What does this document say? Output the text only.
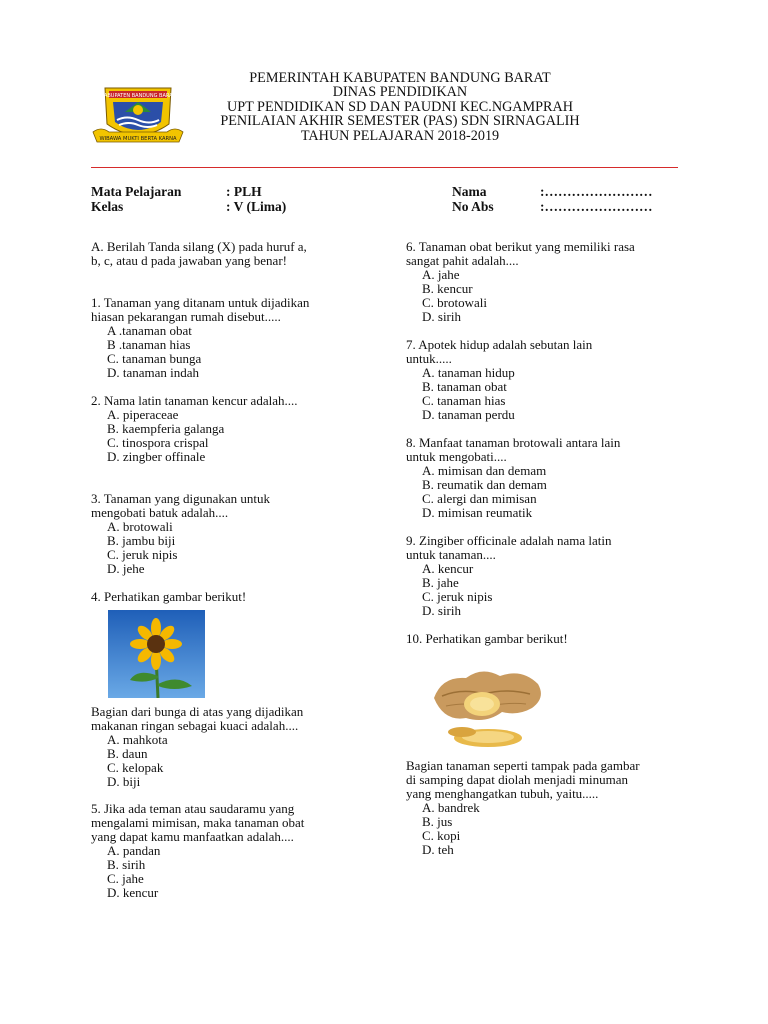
KABUPATEN BANDUNG BARAT
WIBAWA MUKTI BERTA KARNA
PEMERINTAH KABUPATEN BANDUNG BARAT
DINAS PENDIDIKAN
UPT PENDIDIKAN SD DAN PAUDNI KEC.NGAMPRAH
PENILAIAN AKHIR SEMESTER (PAS) SDN SIRNAGALIH
TAHUN PELAJARAN 2018-2019
Mata Pelajaran	: PLH
Kelas	: V (Lima)
Nama	:……………………
No Abs	:……………………
A. Berilah Tanda silang (X) pada huruf a,
b, c, atau d pada jawaban yang benar!
1. Tanaman yang ditanam untuk dijadikan
hiasan pekarangan rumah disebut.....
A .tanaman obat
B .tanaman hias
C. tanaman bunga
D. tanaman indah
2. Nama latin tanaman kencur adalah....
A. piperaceae
B. kaempferia galanga
C. tinospora crispal
D. zingber offinale
3. Tanaman yang digunakan untuk
mengobati batuk adalah....
A. brotowali
B. jambu biji
C. jeruk nipis
D. jehe
4. Perhatikan gambar berikut!
Bagian dari bunga di atas yang dijadikan
makanan ringan sebagai kuaci adalah....
A. mahkota
B. daun
C. kelopak
D. biji
5. Jika ada teman atau saudaramu yang
mengalami mimisan, maka tanaman obat
yang dapat kamu manfaatkan adalah....
A. pandan
B. sirih
C. jahe
D. kencur
6. Tanaman obat berikut yang memiliki rasa
sangat pahit adalah....
A. jahe
B. kencur
C. brotowali
D. sirih
7. Apotek hidup adalah sebutan lain
untuk.....
A. tanaman hidup
B. tanaman obat
C. tanaman hias
D. tanaman perdu
8. Manfaat tanaman brotowali antara lain
untuk mengobati....
A. mimisan dan demam
B. reumatik dan demam
C. alergi dan mimisan
D. mimisan reumatik
9. Zingiber officinale adalah nama latin
untuk tanaman....
A. kencur
B. jahe
C. jeruk nipis
D. sirih
10. Perhatikan gambar berikut!
Bagian tanaman seperti tampak pada gambar
di samping dapat diolah menjadi minuman
yang menghangatkan tubuh, yaitu.....
A. bandrek
B. jus
C. kopi
D. teh
